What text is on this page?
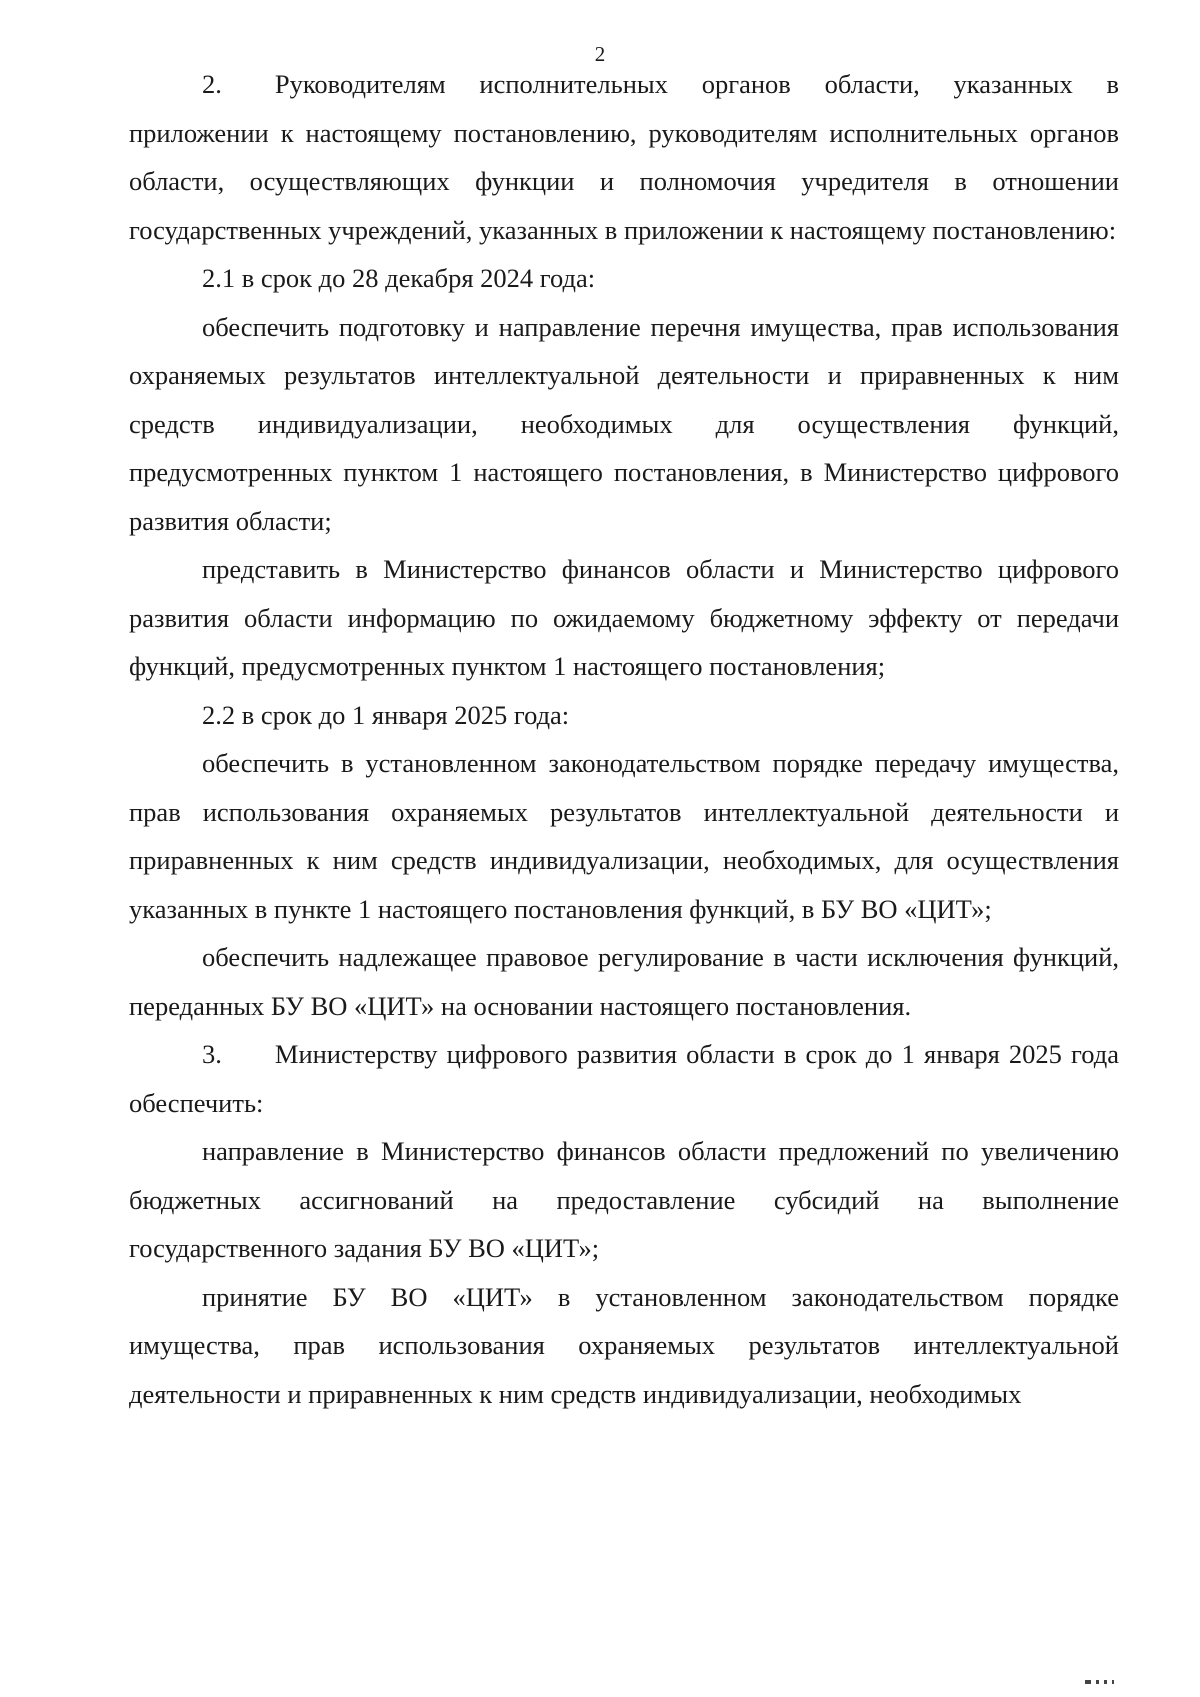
2

2.  Руководителям исполнительных органов области, указанных в приложении к настоящему постановлению, руководителям исполнительных органов области, осуществляющих функции и полномочия учредителя в отношении государственных учреждений, указанных в приложении к настоящему постановлению:

2.1 в срок до 28 декабря 2024 года:

обеспечить подготовку и направление перечня имущества, прав использования охраняемых результатов интеллектуальной деятельности и приравненных к ним средств индивидуализации, необходимых для осуществления функций, предусмотренных пунктом 1 настоящего постановления, в Министерство цифрового развития области;

представить в Министерство финансов области и Министерство цифрового развития области информацию по ожидаемому бюджетному эффекту от передачи функций, предусмотренных пунктом 1 настоящего постановления;

2.2 в срок до 1 января 2025 года:

обеспечить в установленном законодательством порядке передачу имущества, прав использования охраняемых результатов интеллектуальной деятельности и приравненных к ним средств индивидуализации, необходимых, для осуществления указанных в пункте 1 настоящего постановления функций, в БУ ВО «ЦИТ»;

обеспечить надлежащее правовое регулирование в части исключения функций, переданных БУ ВО «ЦИТ» на основании настоящего постановления.

3.  Министерству цифрового развития области в срок до 1 января 2025 года обеспечить:

направление в Министерство финансов области предложений по увеличению бюджетных ассигнований на предоставление субсидий на выполнение государственного задания БУ ВО «ЦИТ»;

принятие БУ ВО «ЦИТ» в установленном законодательством порядке имущества, прав использования охраняемых результатов интеллектуальной деятельности и приравненных к ним средств индивидуализации, необходимых
